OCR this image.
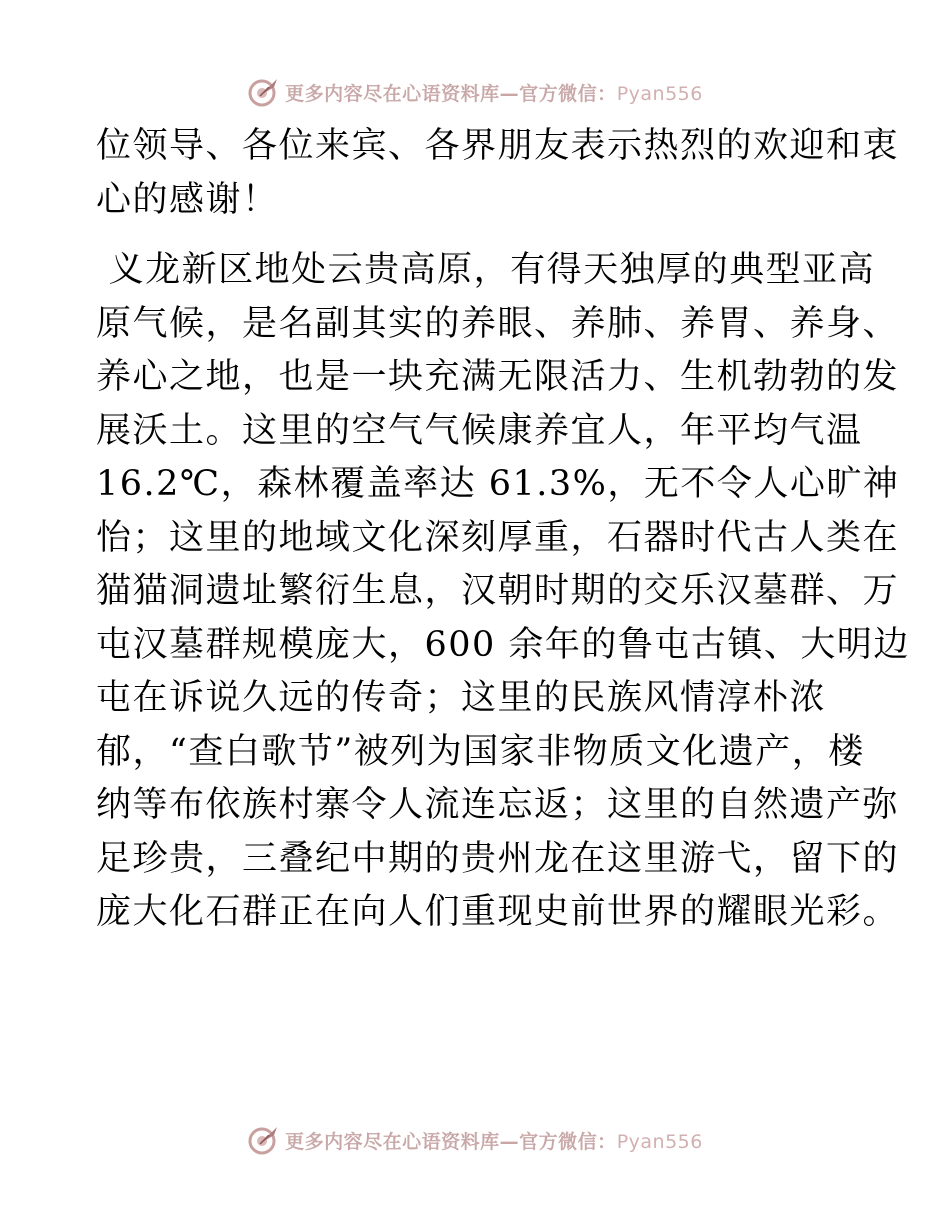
更多内容尽在心语资料库—官方微信：Pyan556

位领导、各位来宾、各界朋友表示热烈的欢迎和衷
心的感谢！

义龙新区地处云贵高原，有得天独厚的典型亚高
原气候，是名副其实的养眼、养肺、养胃、养身、
养心之地，也是一块充满无限活力、生机勃勃的发
展沃土。这里的空气气候康养宜人，年平均气温
16.2℃，森林覆盖率达 61.3%，无不令人心旷神
怡；这里的地域文化深刻厚重，石器时代古人类在
猫猫洞遗址繁衍生息，汉朝时期的交乐汉墓群、万
屯汉墓群规模庞大，600 余年的鲁屯古镇、大明边
屯在诉说久远的传奇；这里的民族风情淳朴浓
郁，“查白歌节”被列为国家非物质文化遗产，楼
纳等布依族村寨令人流连忘返；这里的自然遗产弥
足珍贵，三叠纪中期的贵州龙在这里游弋，留下的
庞大化石群正在向人们重现史前世界的耀眼光彩。

更多内容尽在心语资料库—官方微信：Pyan556
